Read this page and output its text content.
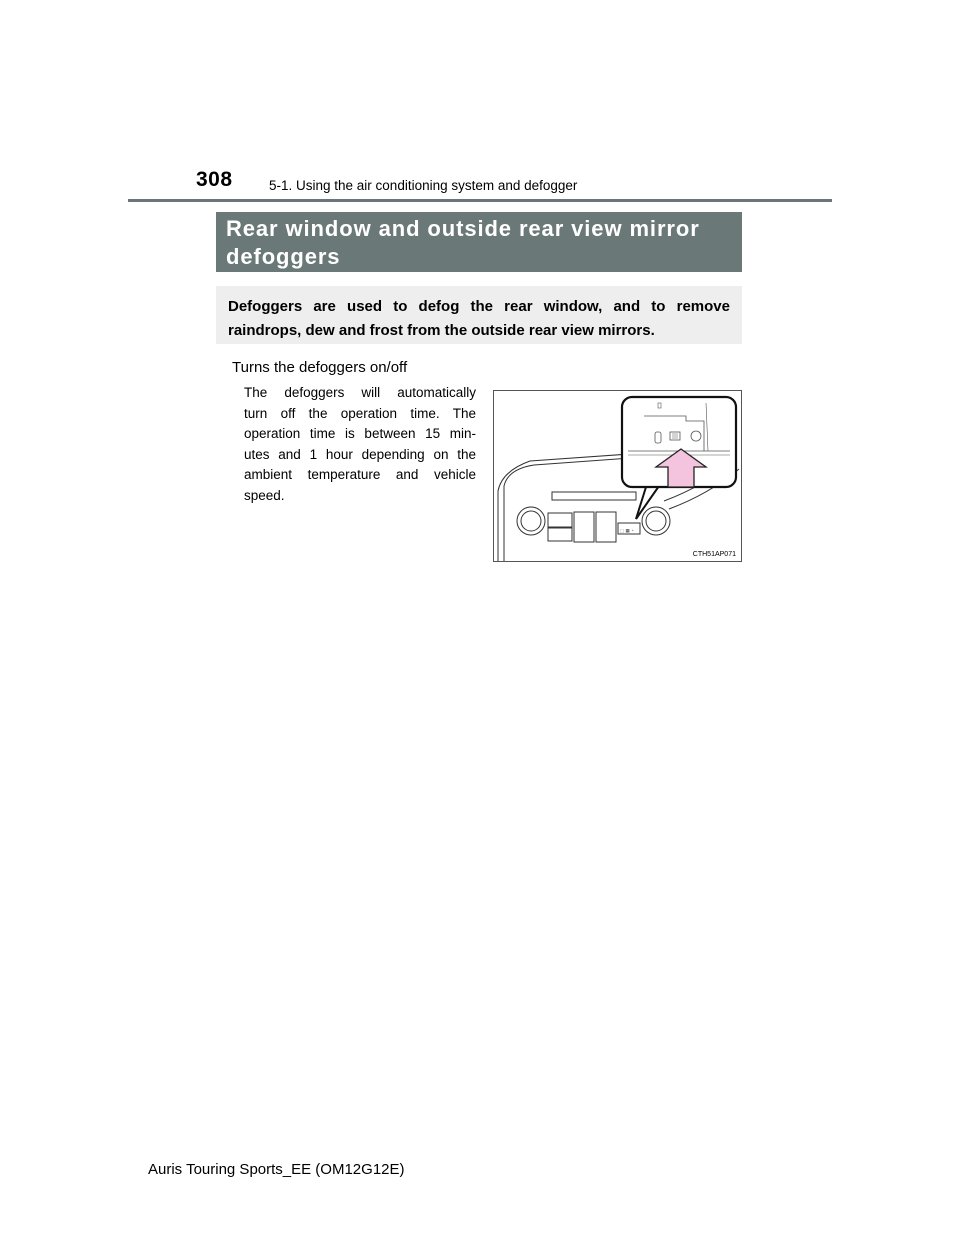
308	5-1. Using the air conditioning system and defogger
Rear window and outside rear view mirror
defoggers
Defoggers are used to defog the rear window, and to remove
raindrops, dew and frost from the outside rear view mirrors.
Turns the defoggers on/off
The defoggers will automatically
turn off the operation time. The
operation time is between 15 min-
utes and 1 hour depending on the
ambient temperature and vehicle
speed.
⬚ ▦ ◔
CTH51AP071
Auris Touring Sports_EE (OM12G12E)
